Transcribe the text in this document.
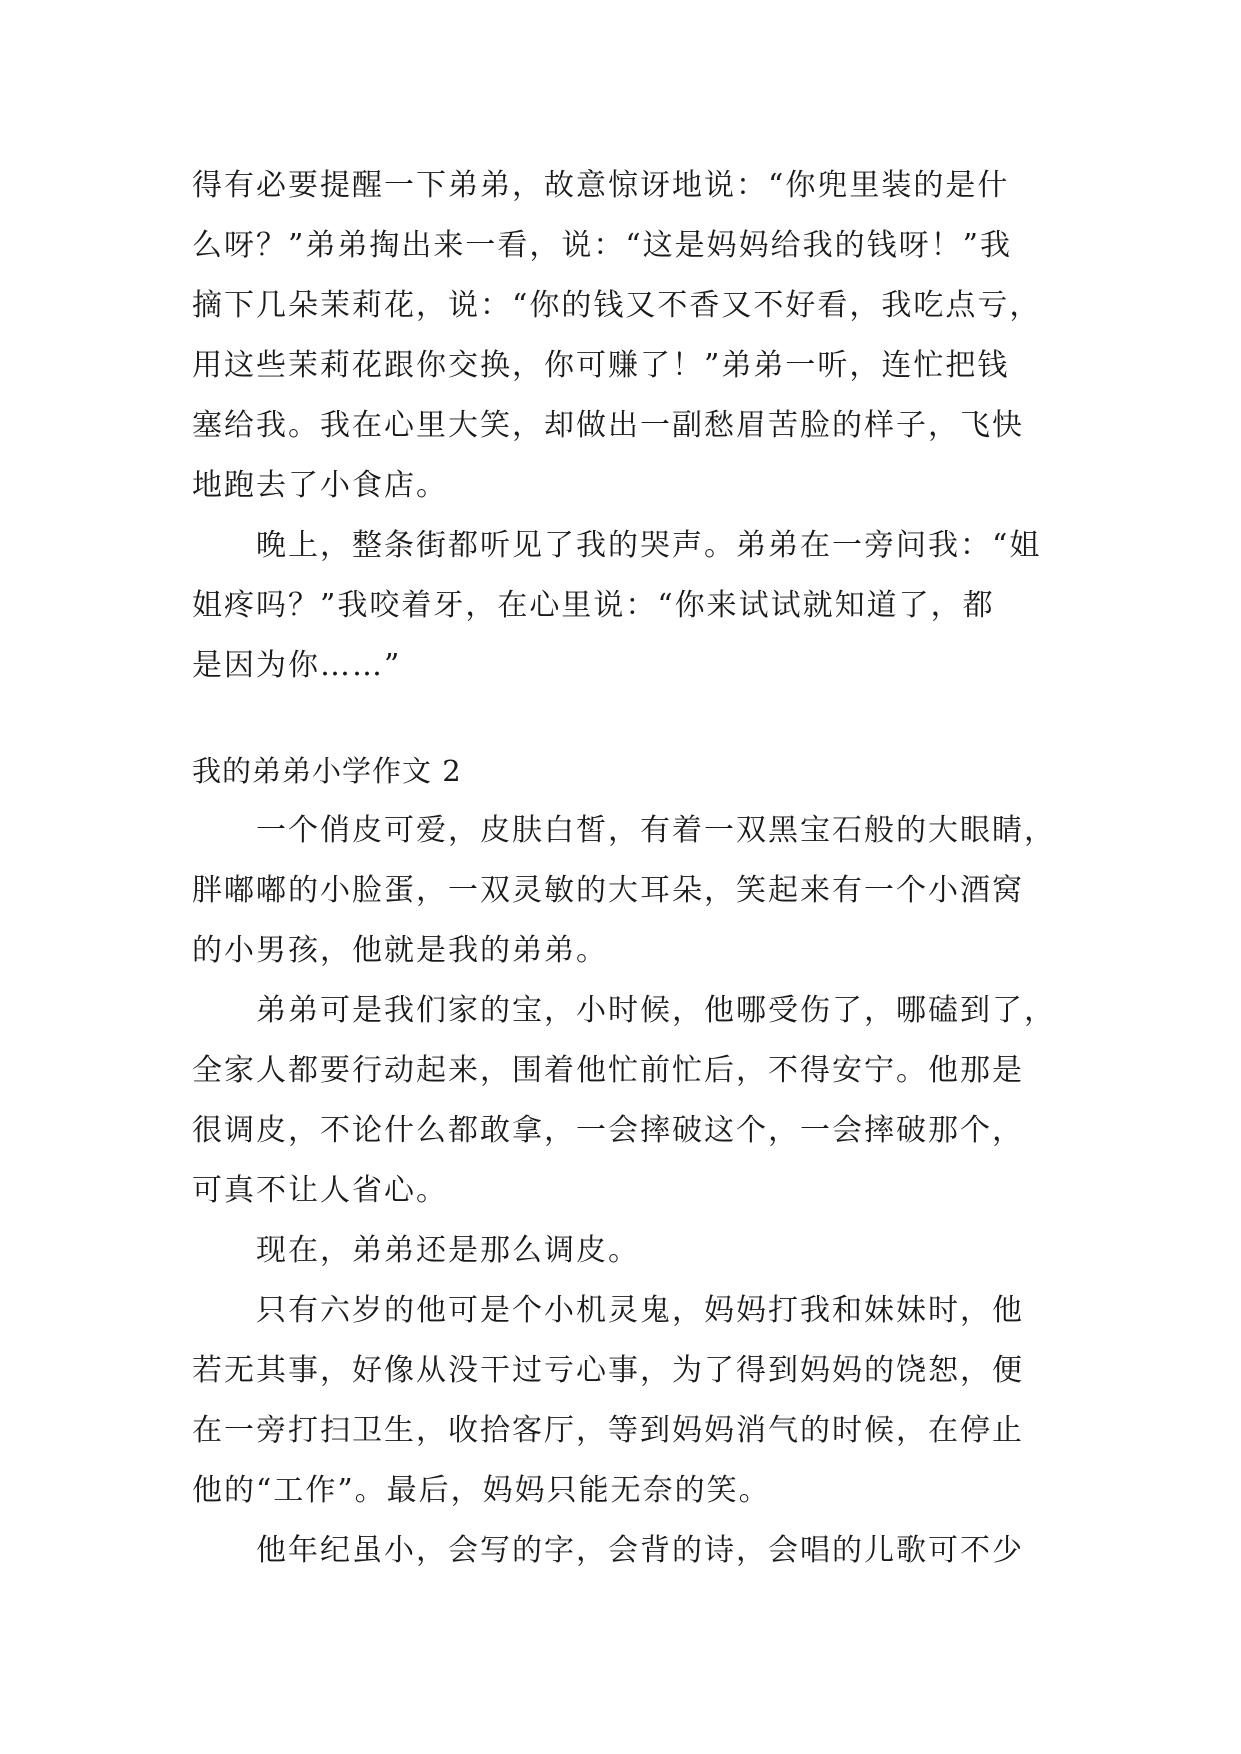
得有必要提醒一下弟弟，故意惊讶地说：“你兜里装的是什
么呀？”弟弟掏出来一看，说：“这是妈妈给我的钱呀！”我
摘下几朵茉莉花，说：“你的钱又不香又不好看，我吃点亏，
用这些茉莉花跟你交换，你可赚了！”弟弟一听，连忙把钱
塞给我。我在心里大笑，却做出一副愁眉苦脸的样子，飞快
地跑去了小食店。
晚上，整条街都听见了我的哭声。弟弟在一旁问我：“姐
姐疼吗？”我咬着牙，在心里说：“你来试试就知道了，都
是因为你……”
我的弟弟小学作文 2
一个俏皮可爱，皮肤白皙，有着一双黑宝石般的大眼睛，
胖嘟嘟的小脸蛋，一双灵敏的大耳朵，笑起来有一个小酒窝
的小男孩，他就是我的弟弟。
弟弟可是我们家的宝，小时候，他哪受伤了，哪磕到了，
全家人都要行动起来，围着他忙前忙后，不得安宁。他那是
很调皮，不论什么都敢拿，一会摔破这个，一会摔破那个，
可真不让人省心。
现在，弟弟还是那么调皮。
只有六岁的他可是个小机灵鬼，妈妈打我和妹妹时，他
若无其事，好像从没干过亏心事，为了得到妈妈的饶恕，便
在一旁打扫卫生，收拾客厅，等到妈妈消气的时候，在停止
他的“工作”。最后，妈妈只能无奈的笑。
他年纪虽小，会写的字，会背的诗，会唱的儿歌可不少
